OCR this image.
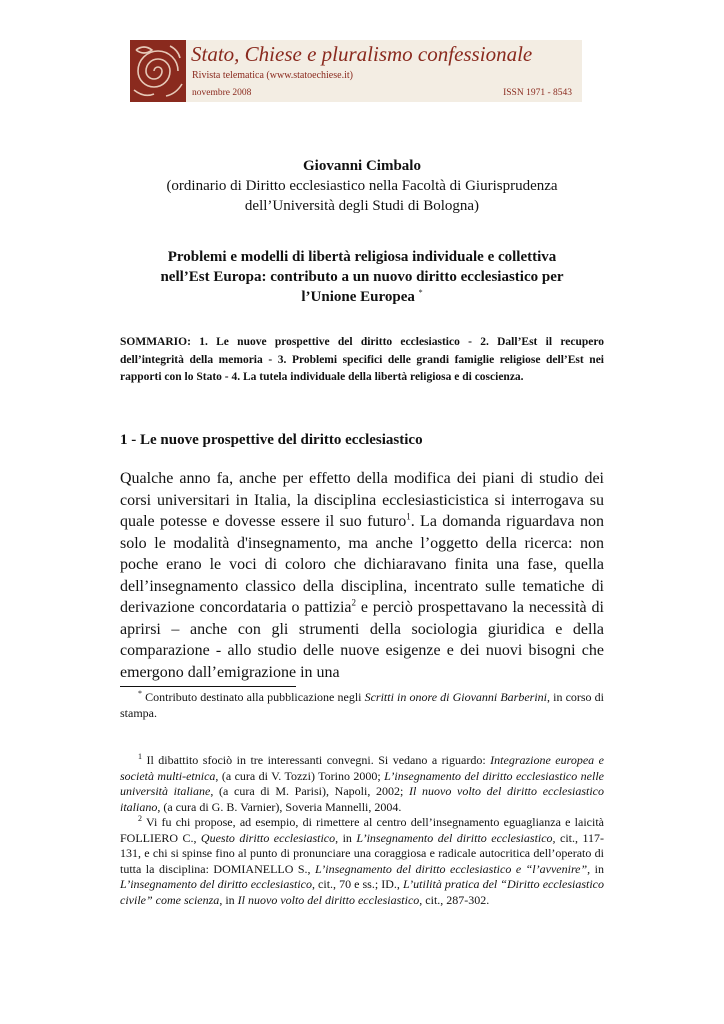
Stato, Chiese e pluralismo confessionale
Rivista telematica (www.statoechiese.it)
novembre 2008	ISSN 1971 - 8543
Giovanni Cimbalo
(ordinario di Diritto ecclesiastico nella Facoltà di Giurisprudenza
dell’Università degli Studi di Bologna)
Problemi e modelli di libertà religiosa individuale e collettiva
nell’Est Europa: contributo a un nuovo diritto ecclesiastico per
l’Unione Europea *
SOMMARIO: 1. Le nuove prospettive del diritto ecclesiastico - 2. Dall’Est il recupero dell’integrità della memoria - 3. Problemi specifici delle grandi famiglie religiose dell’Est nei rapporti con lo Stato - 4. La tutela individuale della libertà religiosa e di coscienza.
1 - Le nuove prospettive del diritto ecclesiastico

Qualche anno fa, anche per effetto della modifica dei piani di studio dei corsi universitari in Italia, la disciplina ecclesiasticistica si interrogava su quale potesse e dovesse essere il suo futuro$^1$. La domanda riguardava non solo le modalità d'insegnamento, ma anche l’oggetto della ricerca: non poche erano le voci di coloro che dichiaravano finita una fase, quella dell’insegnamento classico della disciplina, incentrato sulle tematiche di derivazione concordataria o pattizia$^2$ e perciò prospettavano la necessità di aprirsi – anche con gli strumenti della sociologia giuridica e della comparazione - allo studio delle nuove esigenze e dei nuovi bisogni che emergono dall’emigrazione in una

* Contributo destinato alla pubblicazione negli Scritti in onore di Giovanni Barberini, in corso di stampa.

$^1$ Il dibattito sfociò in tre interessanti convegni. Si vedano a riguardo: Integrazione europea e società multi-etnica, (a cura di V. Tozzi) Torino 2000; L’insegnamento del diritto ecclesiastico nelle università italiane, (a cura di M. Parisi), Napoli, 2002; Il nuovo volto del diritto ecclesiastico italiano, (a cura di G. B. Varnier), Soveria Mannelli, 2004.

$^2$ Vi fu chi propose, ad esempio, di rimettere al centro dell’insegnamento eguaglianza e laicità FOLLIERO C., Questo diritto ecclesiastico, in L’insegnamento del diritto ecclesiastico, cit., 117-131, e chi si spinse fino al punto di pronunciare una coraggiosa e radicale autocritica dell’operato di tutta la disciplina: DOMIANELLO S., L’insegnamento del diritto ecclesiastico e “l’avvenire”, in L’insegnamento del diritto ecclesiastico, cit., 70 e ss.; ID., L’utilità pratica del “Diritto ecclesiastico civile” come scienza, in Il nuovo volto del diritto ecclesiastico, cit., 287-302.
